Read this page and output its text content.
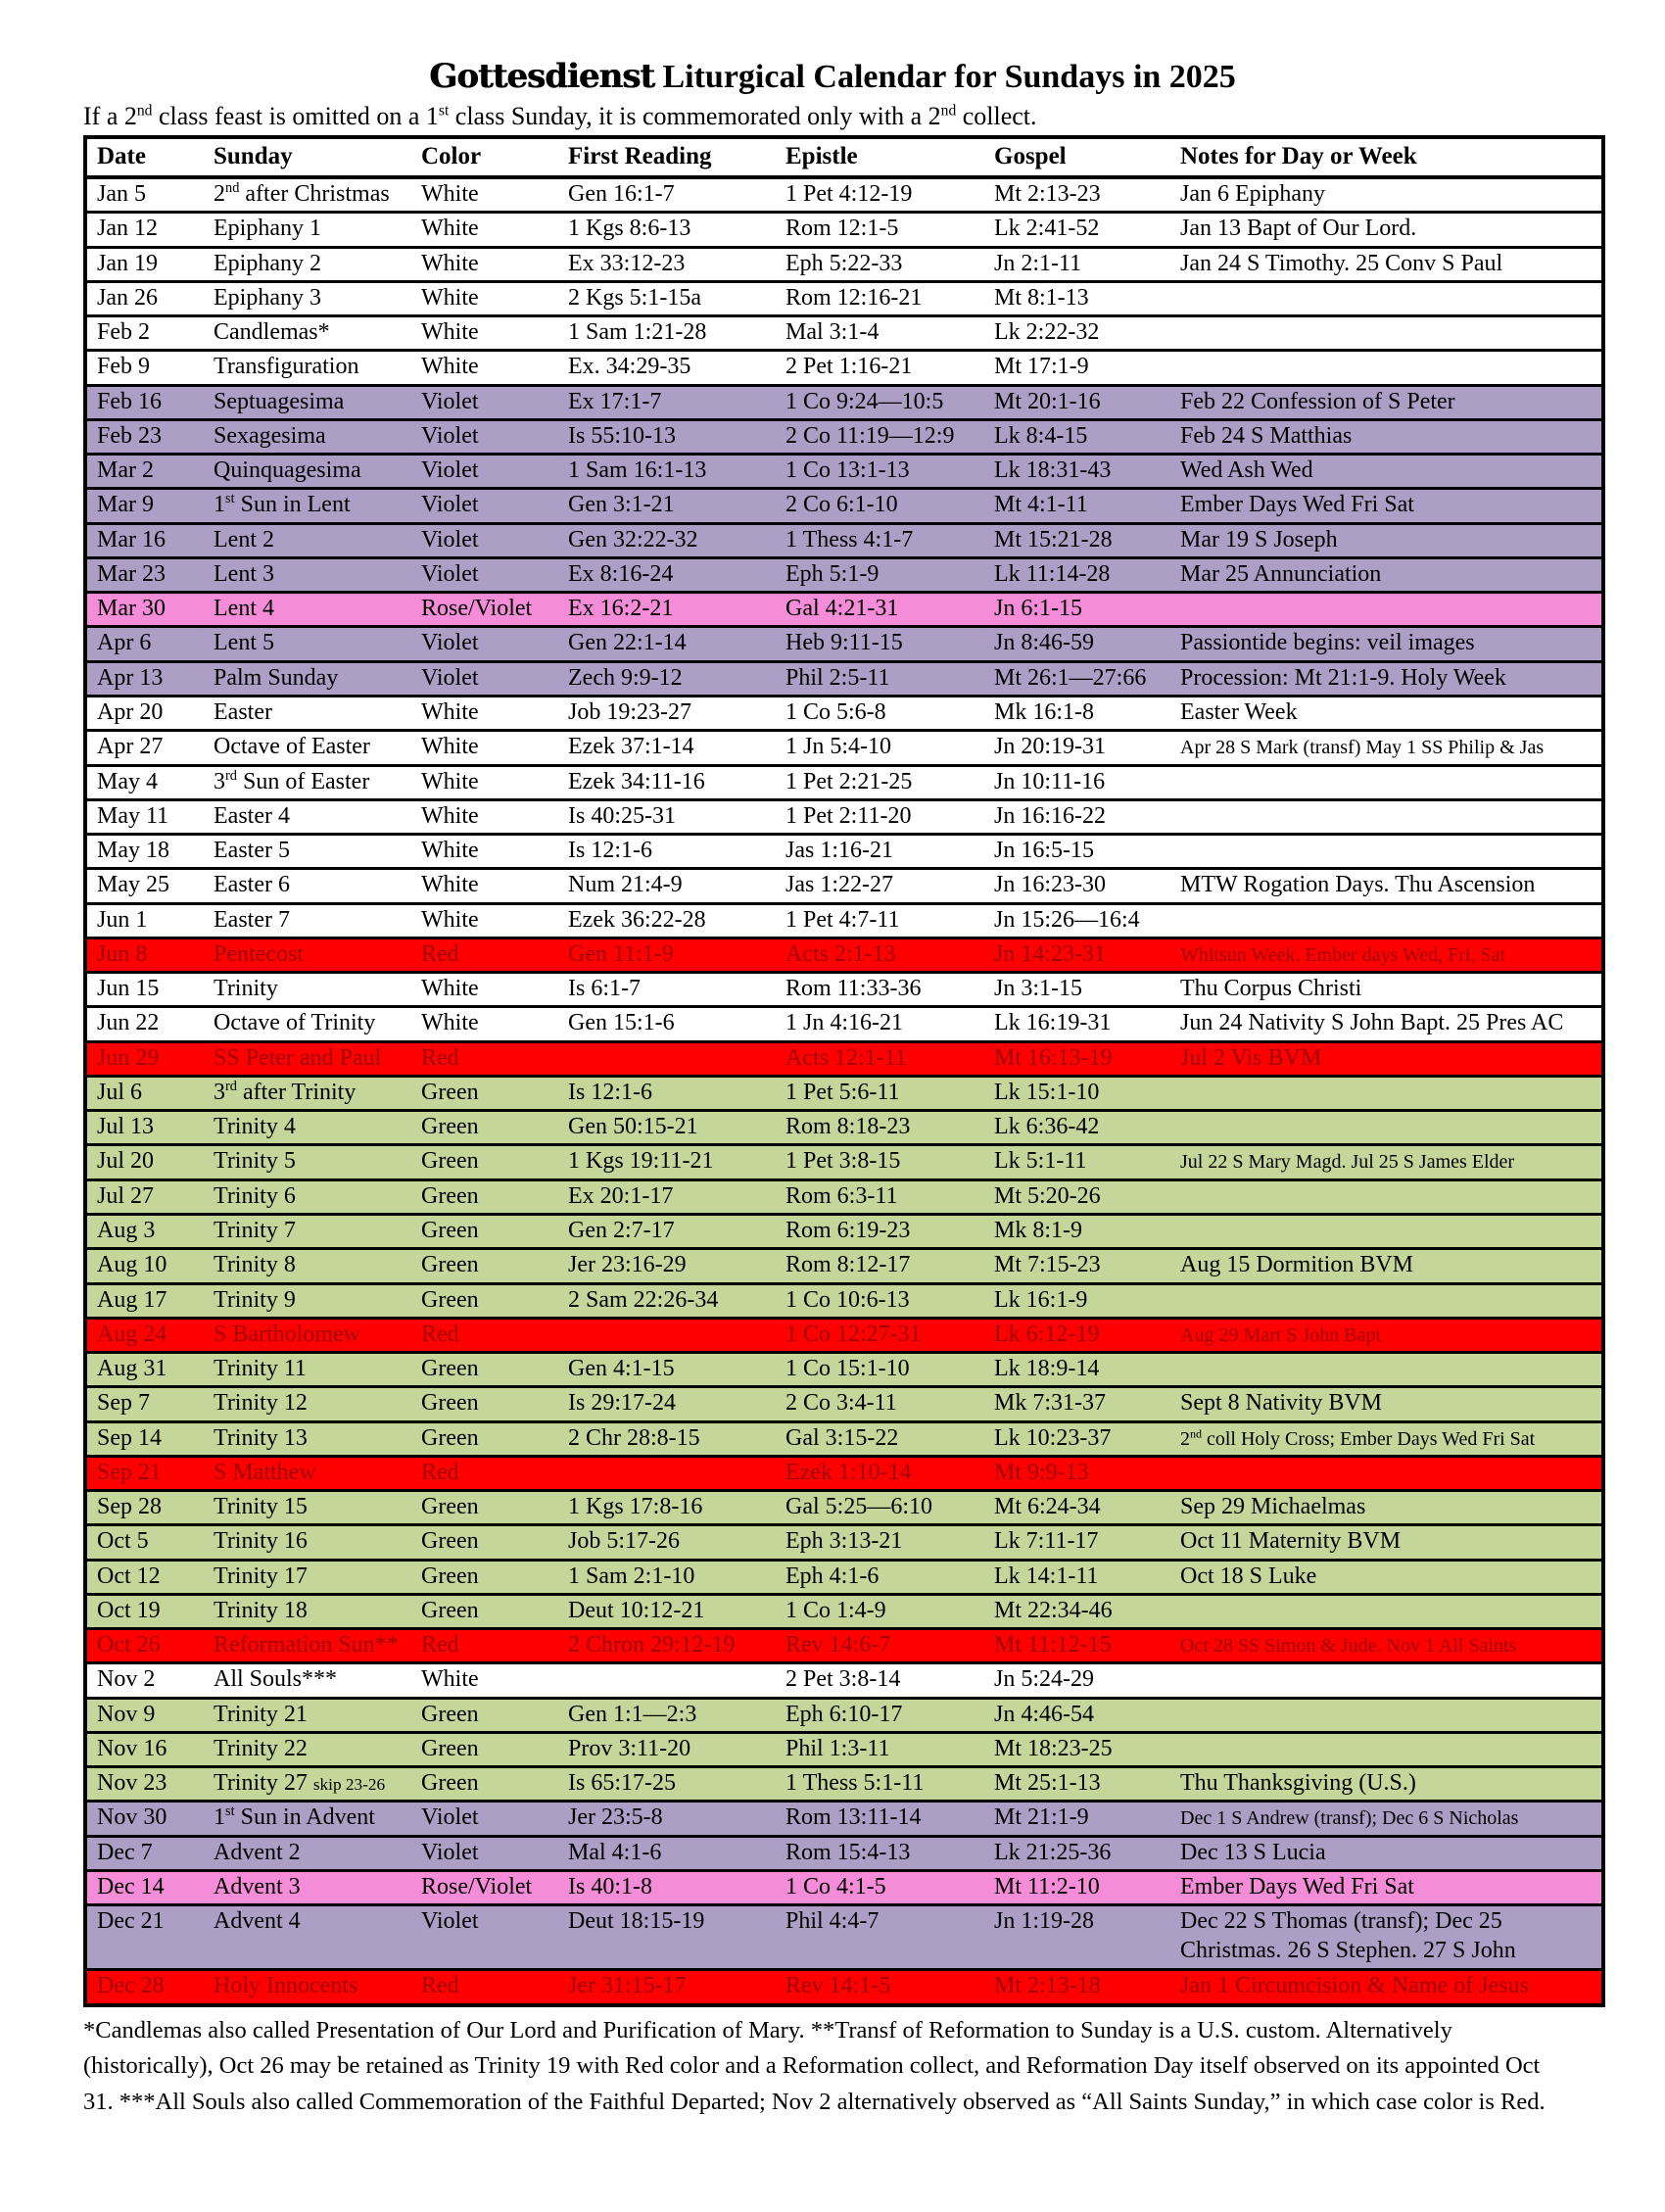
Gottesdienst Liturgical Calendar for Sundays in 2025
If a 2nd class feast is omitted on a 1st class Sunday, it is commemorated only with a 2nd collect.
Date	Sunday	Color	First Reading	Epistle	Gospel	Notes for Day or Week
Jan 5	2nd after Christmas	White	Gen 16:1-7	1 Pet 4:12-19	Mt 2:13-23	Jan 6 Epiphany
Jan 12	Epiphany 1	White	1 Kgs 8:6-13	Rom 12:1-5	Lk 2:41-52	Jan 13 Bapt of Our Lord.
Jan 19	Epiphany 2	White	Ex 33:12-23	Eph 5:22-33	Jn 2:1-11	Jan 24 S Timothy. 25 Conv S Paul
Jan 26	Epiphany 3	White	2 Kgs 5:1-15a	Rom 12:16-21	Mt 8:1-13	
Feb 2	Candlemas*	White	1 Sam 1:21-28	Mal 3:1-4	Lk 2:22-32	
Feb 9	Transfiguration	White	Ex. 34:29-35	2 Pet 1:16-21	Mt 17:1-9	
Feb 16	Septuagesima	Violet	Ex 17:1-7	1 Co 9:24—10:5	Mt 20:1-16	Feb 22 Confession of S Peter
Feb 23	Sexagesima	Violet	Is 55:10-13	2 Co 11:19—12:9	Lk 8:4-15	Feb 24 S Matthias
Mar 2	Quinquagesima	Violet	1 Sam 16:1-13	1 Co 13:1-13	Lk 18:31-43	Wed Ash Wed
Mar 9	1st Sun in Lent	Violet	Gen 3:1-21	2 Co 6:1-10	Mt 4:1-11	Ember Days Wed Fri Sat
Mar 16	Lent 2	Violet	Gen 32:22-32	1 Thess 4:1-7	Mt 15:21-28	Mar 19 S Joseph
Mar 23	Lent 3	Violet	Ex 8:16-24	Eph 5:1-9	Lk 11:14-28	Mar 25 Annunciation
Mar 30	Lent 4	Rose/Violet	Ex 16:2-21	Gal 4:21-31	Jn 6:1-15	
Apr 6	Lent 5	Violet	Gen 22:1-14	Heb 9:11-15	Jn 8:46-59	Passiontide begins: veil images
Apr 13	Palm Sunday	Violet	Zech 9:9-12	Phil 2:5-11	Mt 26:1—27:66	Procession: Mt 21:1-9. Holy Week
Apr 20	Easter	White	Job 19:23-27	1 Co 5:6-8	Mk 16:1-8	Easter Week
Apr 27	Octave of Easter	White	Ezek 37:1-14	1 Jn 5:4-10	Jn 20:19-31	Apr 28 S Mark (transf) May 1 SS Philip & Jas
May 4	3rd Sun of Easter	White	Ezek 34:11-16	1 Pet 2:21-25	Jn 10:11-16	
May 11	Easter 4	White	Is 40:25-31	1 Pet 2:11-20	Jn 16:16-22	
May 18	Easter 5	White	Is 12:1-6	Jas 1:16-21	Jn 16:5-15	
May 25	Easter 6	White	Num 21:4-9	Jas 1:22-27	Jn 16:23-30	MTW Rogation Days. Thu Ascension
Jun 1	Easter 7	White	Ezek 36:22-28	1 Pet 4:7-11	Jn 15:26—16:4	
Jun 8	Pentecost	Red	Gen 11:1-9	Acts 2:1-13	Jn 14:23-31	Whitsun Week. Ember days Wed, Fri, Sat
Jun 15	Trinity	White	Is 6:1-7	Rom 11:33-36	Jn 3:1-15	Thu Corpus Christi
Jun 22	Octave of Trinity	White	Gen 15:1-6	1 Jn 4:16-21	Lk 16:19-31	Jun 24 Nativity S John Bapt. 25 Pres AC
Jun 29	SS Peter and Paul	Red		Acts 12:1-11	Mt 16:13-19	Jul 2 Vis BVM
Jul 6	3rd after Trinity	Green	Is 12:1-6	1 Pet 5:6-11	Lk 15:1-10	
Jul 13	Trinity 4	Green	Gen 50:15-21	Rom 8:18-23	Lk 6:36-42	
Jul 20	Trinity 5	Green	1 Kgs 19:11-21	1 Pet 3:8-15	Lk 5:1-11	Jul 22 S Mary Magd. Jul 25 S James Elder
Jul 27	Trinity 6	Green	Ex 20:1-17	Rom 6:3-11	Mt 5:20-26	
Aug 3	Trinity 7	Green	Gen 2:7-17	Rom 6:19-23	Mk 8:1-9	
Aug 10	Trinity 8	Green	Jer 23:16-29	Rom 8:12-17	Mt 7:15-23	Aug 15 Dormition BVM
Aug 17	Trinity 9	Green	2 Sam 22:26-34	1 Co 10:6-13	Lk 16:1-9	
Aug 24	S Bartholomew	Red		1 Co 12:27-31	Lk 6:12-19	Aug 29 Mart S John Bapt
Aug 31	Trinity 11	Green	Gen 4:1-15	1 Co 15:1-10	Lk 18:9-14	
Sep 7	Trinity 12	Green	Is 29:17-24	2 Co 3:4-11	Mk 7:31-37	Sept 8 Nativity BVM
Sep 14	Trinity 13	Green	2 Chr 28:8-15	Gal 3:15-22	Lk 10:23-37	2nd coll Holy Cross; Ember Days Wed Fri Sat
Sep 21	S Matthew	Red		Ezek 1:10-14	Mt 9:9-13	
Sep 28	Trinity 15	Green	1 Kgs 17:8-16	Gal 5:25—6:10	Mt 6:24-34	Sep 29 Michaelmas
Oct 5	Trinity 16	Green	Job 5:17-26	Eph 3:13-21	Lk 7:11-17	Oct 11 Maternity BVM
Oct 12	Trinity 17	Green	1 Sam 2:1-10	Eph 4:1-6	Lk 14:1-11	Oct 18 S Luke
Oct 19	Trinity 18	Green	Deut 10:12-21	1 Co 1:4-9	Mt 22:34-46	
Oct 26	Reformation Sun**	Red	2 Chron 29:12-19	Rev 14:6-7	Mt 11:12-15	Oct 28 SS Simon & Jude. Nov 1 All Saints
Nov 2	All Souls***	White		2 Pet 3:8-14	Jn 5:24-29	
Nov 9	Trinity 21	Green	Gen 1:1—2:3	Eph 6:10-17	Jn 4:46-54	
Nov 16	Trinity 22	Green	Prov 3:11-20	Phil 1:3-11	Mt 18:23-25	
Nov 23	Trinity 27 skip 23-26	Green	Is 65:17-25	1 Thess 5:1-11	Mt 25:1-13	Thu Thanksgiving (U.S.)
Nov 30	1st Sun in Advent	Violet	Jer 23:5-8	Rom 13:11-14	Mt 21:1-9	Dec 1 S Andrew (transf); Dec 6 S Nicholas
Dec 7	Advent 2	Violet	Mal 4:1-6	Rom 15:4-13	Lk 21:25-36	Dec 13 S Lucia
Dec 14	Advent 3	Rose/Violet	Is 40:1-8	1 Co 4:1-5	Mt 11:2-10	Ember Days Wed Fri Sat
Dec 21	Advent 4	Violet	Deut 18:15-19	Phil 4:4-7	Jn 1:19-28	Dec 22 S Thomas (transf); Dec 25 Christmas. 26 S Stephen. 27 S John
Dec 28	Holy Innocents	Red	Jer 31:15-17	Rev 14:1-5	Mt 2:13-18	Jan 1 Circumcision & Name of Jesus
*Candlemas also called Presentation of Our Lord and Purification of Mary. **Transf of Reformation to Sunday is a U.S. custom. Alternatively
(historically), Oct 26 may be retained as Trinity 19 with Red color and a Reformation collect, and Reformation Day itself observed on its appointed Oct
31. ***All Souls also called Commemoration of the Faithful Departed; Nov 2 alternatively observed as “All Saints Sunday,” in which case color is Red.
